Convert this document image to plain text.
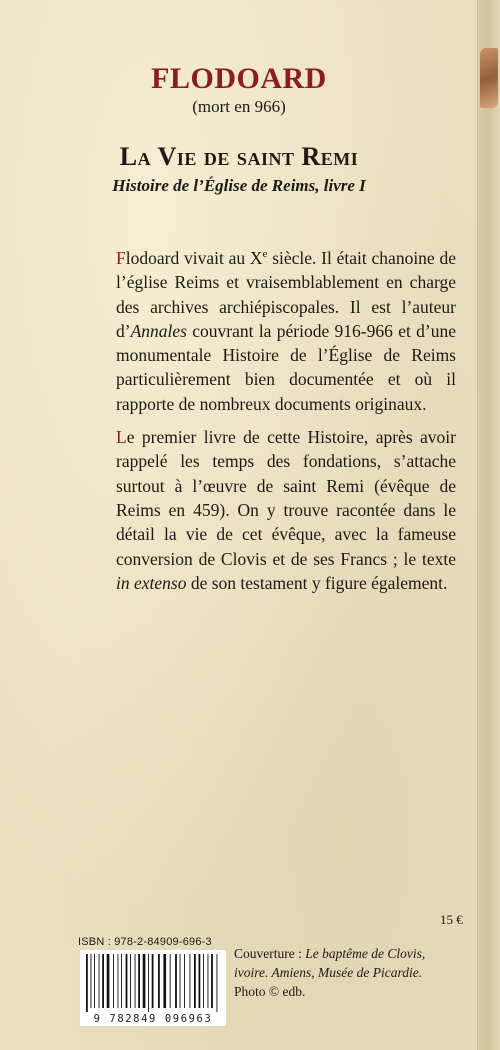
FLODOARD
(mort en 966)
La Vie de saint Remi
Histoire de l’Église de Reims, livre I

Flodoard vivait au Xe siècle. Il était chanoine de l’église Reims et vraisemblablement en charge des archives archiépiscopales. Il est l’auteur d’Annales couvrant la période 916-966 et d’une monumentale Histoire de l’Église de Reims particulièrement bien documentée et où il rapporte de nombreux documents originaux.

Le premier livre de cette Histoire, après avoir rappelé les temps des fondations, s’attache surtout à l’œuvre de saint Remi (évêque de Reims en 459). On y trouve racontée dans le détail la vie de cet évêque, avec la fameuse conversion de Clovis et de ses Francs ; le texte in extenso de son testament y figure également.

15 €
ISBN : 978-2-84909-696-3
9 782849 096963
Couverture : Le baptême de Clovis,
ivoire. Amiens, Musée de Picardie.
Photo © edb.
